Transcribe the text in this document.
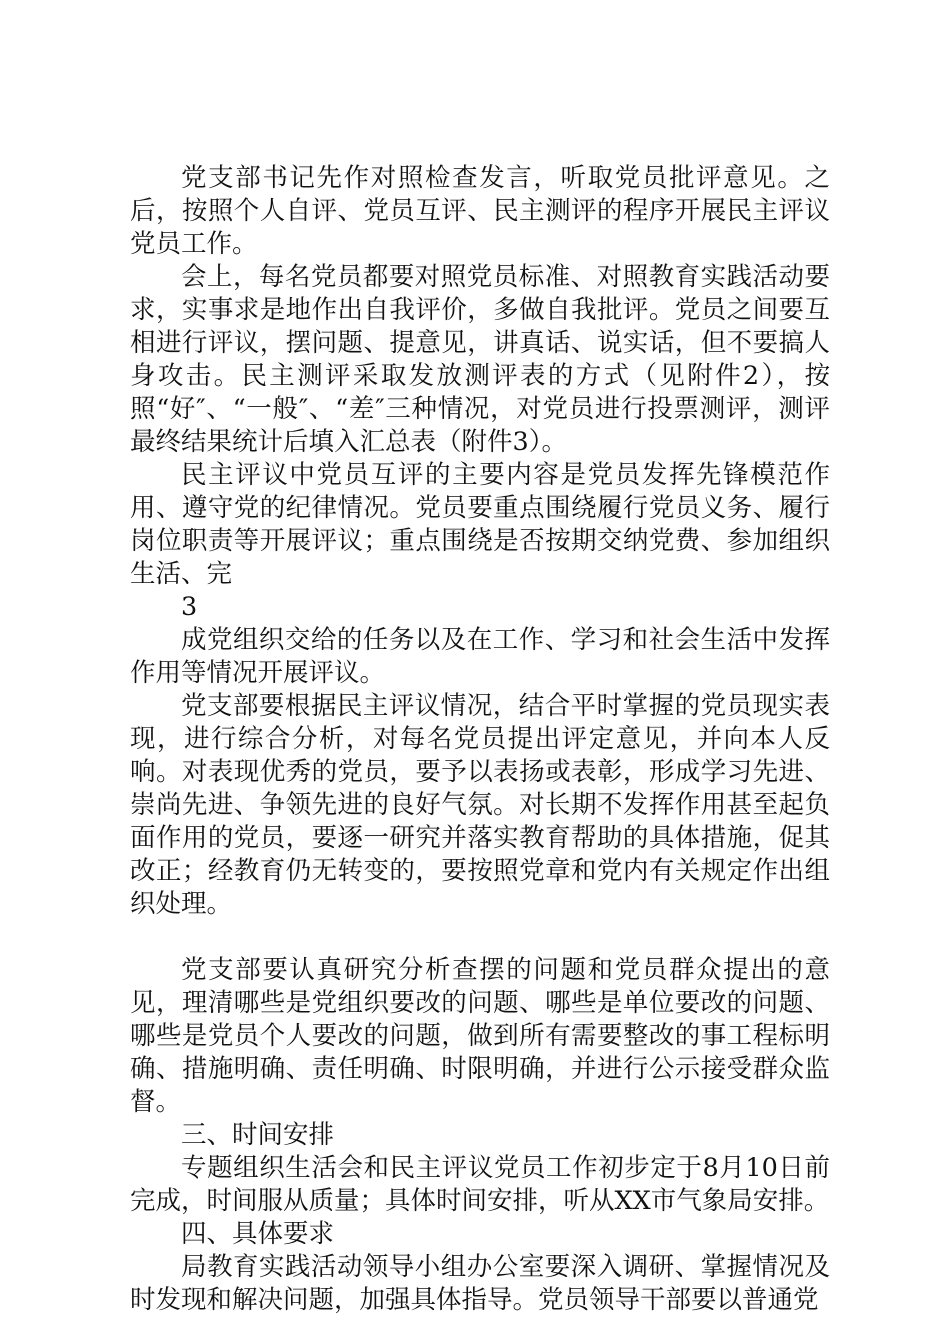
党支部书记先作对照检查发言，听取党员批评意见。之后，按照个人自评、党员互评、民主测评的程序开展民主评议党员工作。

会上，每名党员都要对照党员标准、对照教育实践活动要求，实事求是地作出自我评价，多做自我批评。党员之间要互相进行评议，摆问题、提意见，讲真话、说实话，但不要搞人身攻击。民主测评采取发放测评表的方式（见附件2），按照“好″、“一般″、“差″三种情况，对党员进行投票测评，测评最终结果统计后填入汇总表（附件3）。

民主评议中党员互评的主要内容是党员发挥先锋模范作用、遵守党的纪律情况。党员要重点围绕履行党员义务、履行岗位职责等开展评议；重点围绕是否按期交纳党费、参加组织生活、完

3

成党组织交给的任务以及在工作、学习和社会生活中发挥作用等情况开展评议。

党支部要根据民主评议情况，结合平时掌握的党员现实表现，进行综合分析，对每名党员提出评定意见，并向本人反响。对表现优秀的党员，要予以表扬或表彰，形成学习先进、崇尚先进、争领先进的良好气氛。对长期不发挥作用甚至起负面作用的党员，要逐一研究并落实教育帮助的具体措施，促其改正；经教育仍无转变的，要按照党章和党内有关规定作出组织处理。

党支部要认真研究分析查摆的问题和党员群众提出的意见，理清哪些是党组织要改的问题、哪些是单位要改的问题、哪些是党员个人要改的问题，做到所有需要整改的事工程标明确、措施明确、责任明确、时限明确，并进行公示接受群众监督。

三、时间安排

专题组织生活会和民主评议党员工作初步定于8月10日前完成，时间服从质量；具体时间安排，听从XX市气象局安排。

四、具体要求

局教育实践活动领导小组办公室要深入调研、掌握情况及时发现和解决问题，加强具体指导。党员领导干部要以普通党
